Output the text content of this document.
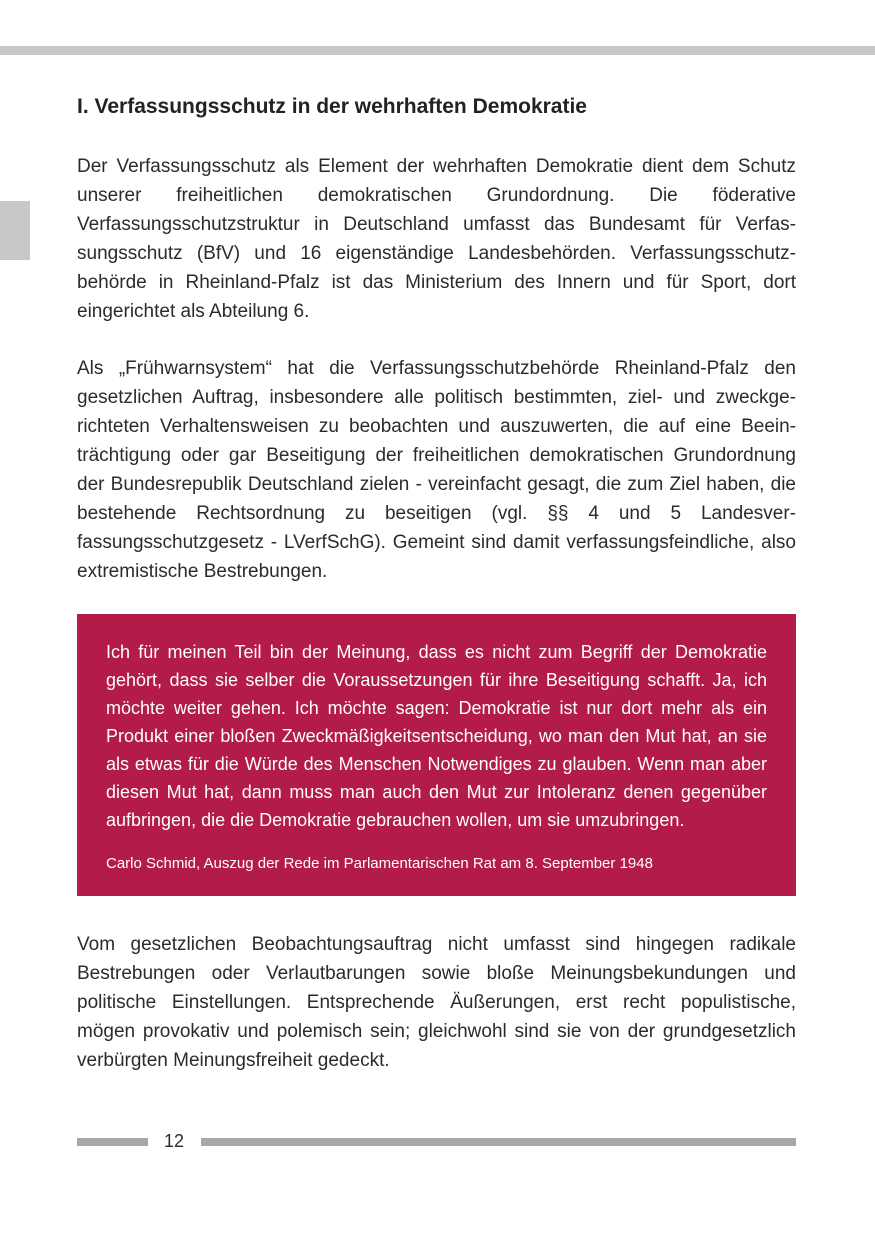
I. Verfassungsschutz in der wehrhaften Demokratie

Der Verfassungsschutz als Element der wehrhaften Demokratie dient dem Schutz unserer freiheitlichen demokratischen Grundordnung. Die föderative Verfassungsschutzstruktur in Deutschland umfasst das Bundesamt für Verfassungsschutz (BfV) und 16 eigenständige Landesbehörden. Verfassungsschutzbehörde in Rheinland-Pfalz ist das Ministerium des Innern und für Sport, dort eingerichtet als Abteilung 6.

Als „Frühwarnsystem“ hat die Verfassungsschutzbehörde Rheinland-Pfalz den gesetzlichen Auftrag, insbesondere alle politisch bestimmten, ziel- und zweckgerichteten Verhaltensweisen zu beobachten und auszuwerten, die auf eine Beeinträchtigung oder gar Beseitigung der freiheitlichen demokratischen Grundordnung der Bundesrepublik Deutschland zielen - vereinfacht gesagt, die zum Ziel haben, die bestehende Rechtsordnung zu beseitigen (vgl. §§ 4 und 5 Landesverfassungsschutzgesetz - LVerfSchG). Gemeint sind damit verfassungsfeindliche, also extremistische Bestrebungen.

Ich für meinen Teil bin der Meinung, dass es nicht zum Begriff der Demokratie gehört, dass sie selber die Voraussetzungen für ihre Beseitigung schafft. Ja, ich möchte weiter gehen. Ich möchte sagen: Demokratie ist nur dort mehr als ein Produkt einer bloßen Zweckmäßigkeitsentscheidung, wo man den Mut hat, an sie als etwas für die Würde des Menschen Notwendiges zu glauben. Wenn man aber diesen Mut hat, dann muss man auch den Mut zur Intoleranz denen gegenüber aufbringen, die die Demokratie gebrauchen wollen, um sie umzubringen.

Carlo Schmid, Auszug der Rede im Parlamentarischen Rat am 8. September 1948

Vom gesetzlichen Beobachtungsauftrag nicht umfasst sind hingegen radikale Bestrebungen oder Verlautbarungen sowie bloße Meinungsbekundungen und politische Einstellungen. Entsprechende Äußerungen, erst recht populistische, mögen provokativ und polemisch sein; gleichwohl sind sie von der grundgesetzlich verbürgten Meinungsfreiheit gedeckt.

12
